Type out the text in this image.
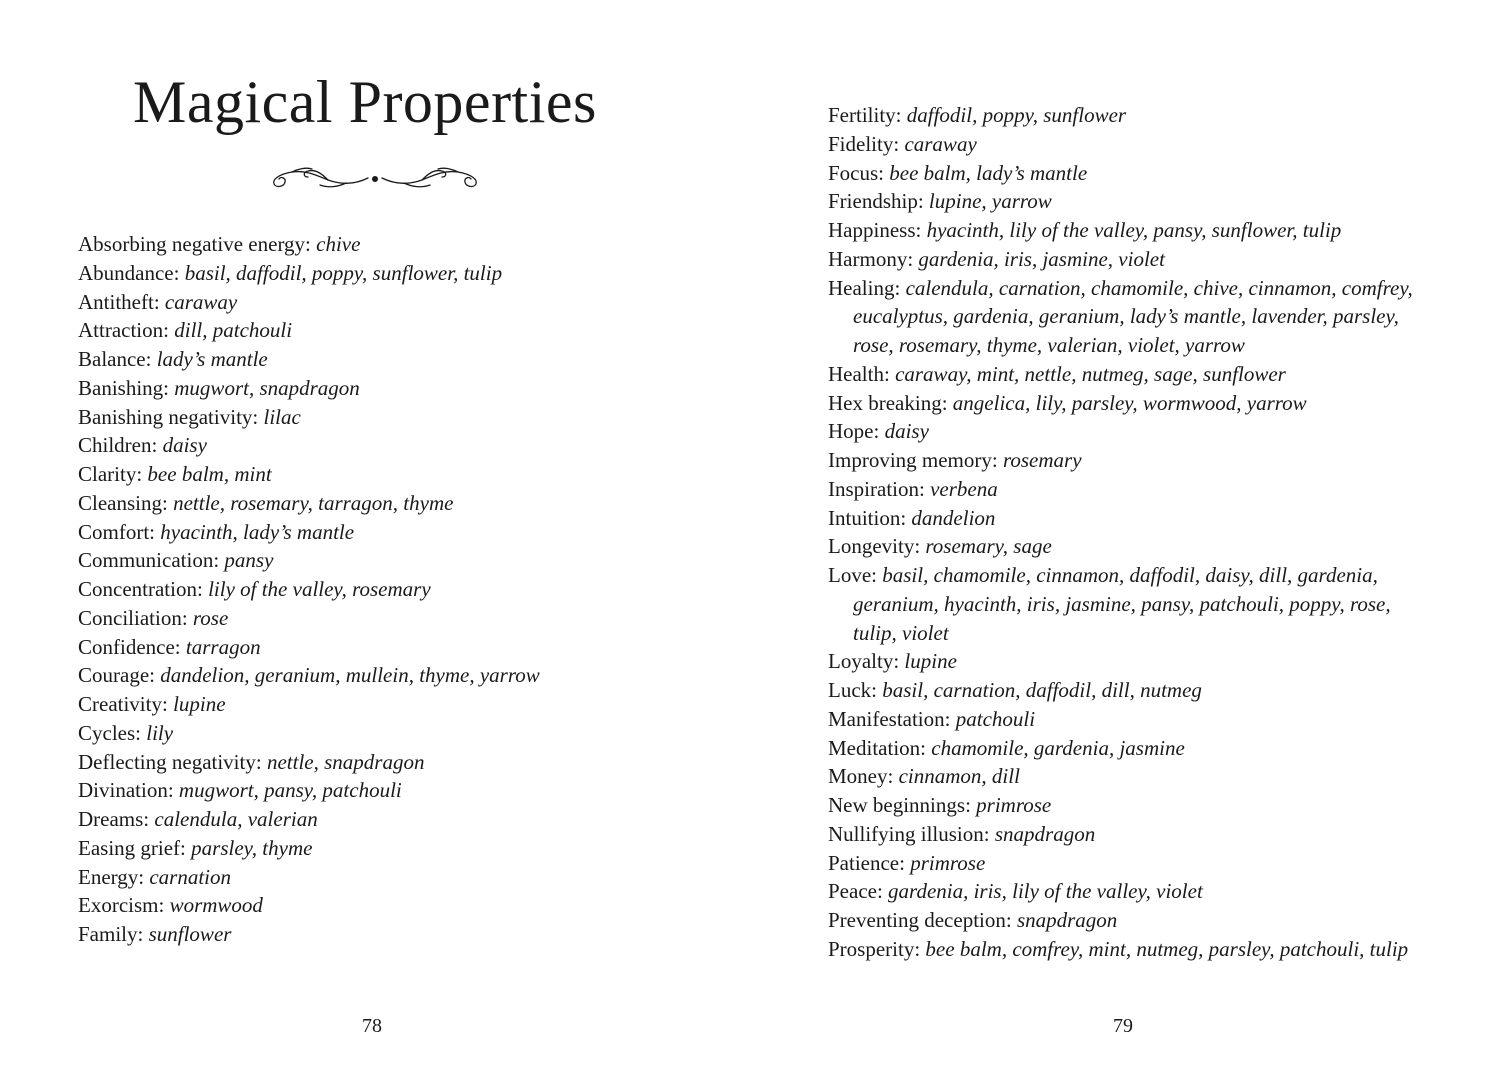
Magical Properties
Absorbing negative energy: chive
Abundance: basil, daffodil, poppy, sunflower, tulip
Antitheft: caraway
Attraction: dill, patchouli
Balance: lady’s mantle
Banishing: mugwort, snapdragon
Banishing negativity: lilac
Children: daisy
Clarity: bee balm, mint
Cleansing: nettle, rosemary, tarragon, thyme
Comfort: hyacinth, lady’s mantle
Communication: pansy
Concentration: lily of the valley, rosemary
Conciliation: rose
Confidence: tarragon
Courage: dandelion, geranium, mullein, thyme, yarrow
Creativity: lupine
Cycles: lily
Deflecting negativity: nettle, snapdragon
Divination: mugwort, pansy, patchouli
Dreams: calendula, valerian
Easing grief: parsley, thyme
Energy: carnation
Exorcism: wormwood
Family: sunflower
78
Fertility: daffodil, poppy, sunflower
Fidelity: caraway
Focus: bee balm, lady’s mantle
Friendship: lupine, yarrow
Happiness: hyacinth, lily of the valley, pansy, sunflower, tulip
Harmony: gardenia, iris, jasmine, violet
Healing: calendula, carnation, chamomile, chive, cinnamon, comfrey, eucalyptus, gardenia, geranium, lady’s mantle, lavender, parsley, rose, rosemary, thyme, valerian, violet, yarrow
Health: caraway, mint, nettle, nutmeg, sage, sunflower
Hex breaking: angelica, lily, parsley, wormwood, yarrow
Hope: daisy
Improving memory: rosemary
Inspiration: verbena
Intuition: dandelion
Longevity: rosemary, sage
Love: basil, chamomile, cinnamon, daffodil, daisy, dill, gardenia, geranium, hyacinth, iris, jasmine, pansy, patchouli, poppy, rose, tulip, violet
Loyalty: lupine
Luck: basil, carnation, daffodil, dill, nutmeg
Manifestation: patchouli
Meditation: chamomile, gardenia, jasmine
Money: cinnamon, dill
New beginnings: primrose
Nullifying illusion: snapdragon
Patience: primrose
Peace: gardenia, iris, lily of the valley, violet
Preventing deception: snapdragon
Prosperity: bee balm, comfrey, mint, nutmeg, parsley, patchouli, tulip
79
